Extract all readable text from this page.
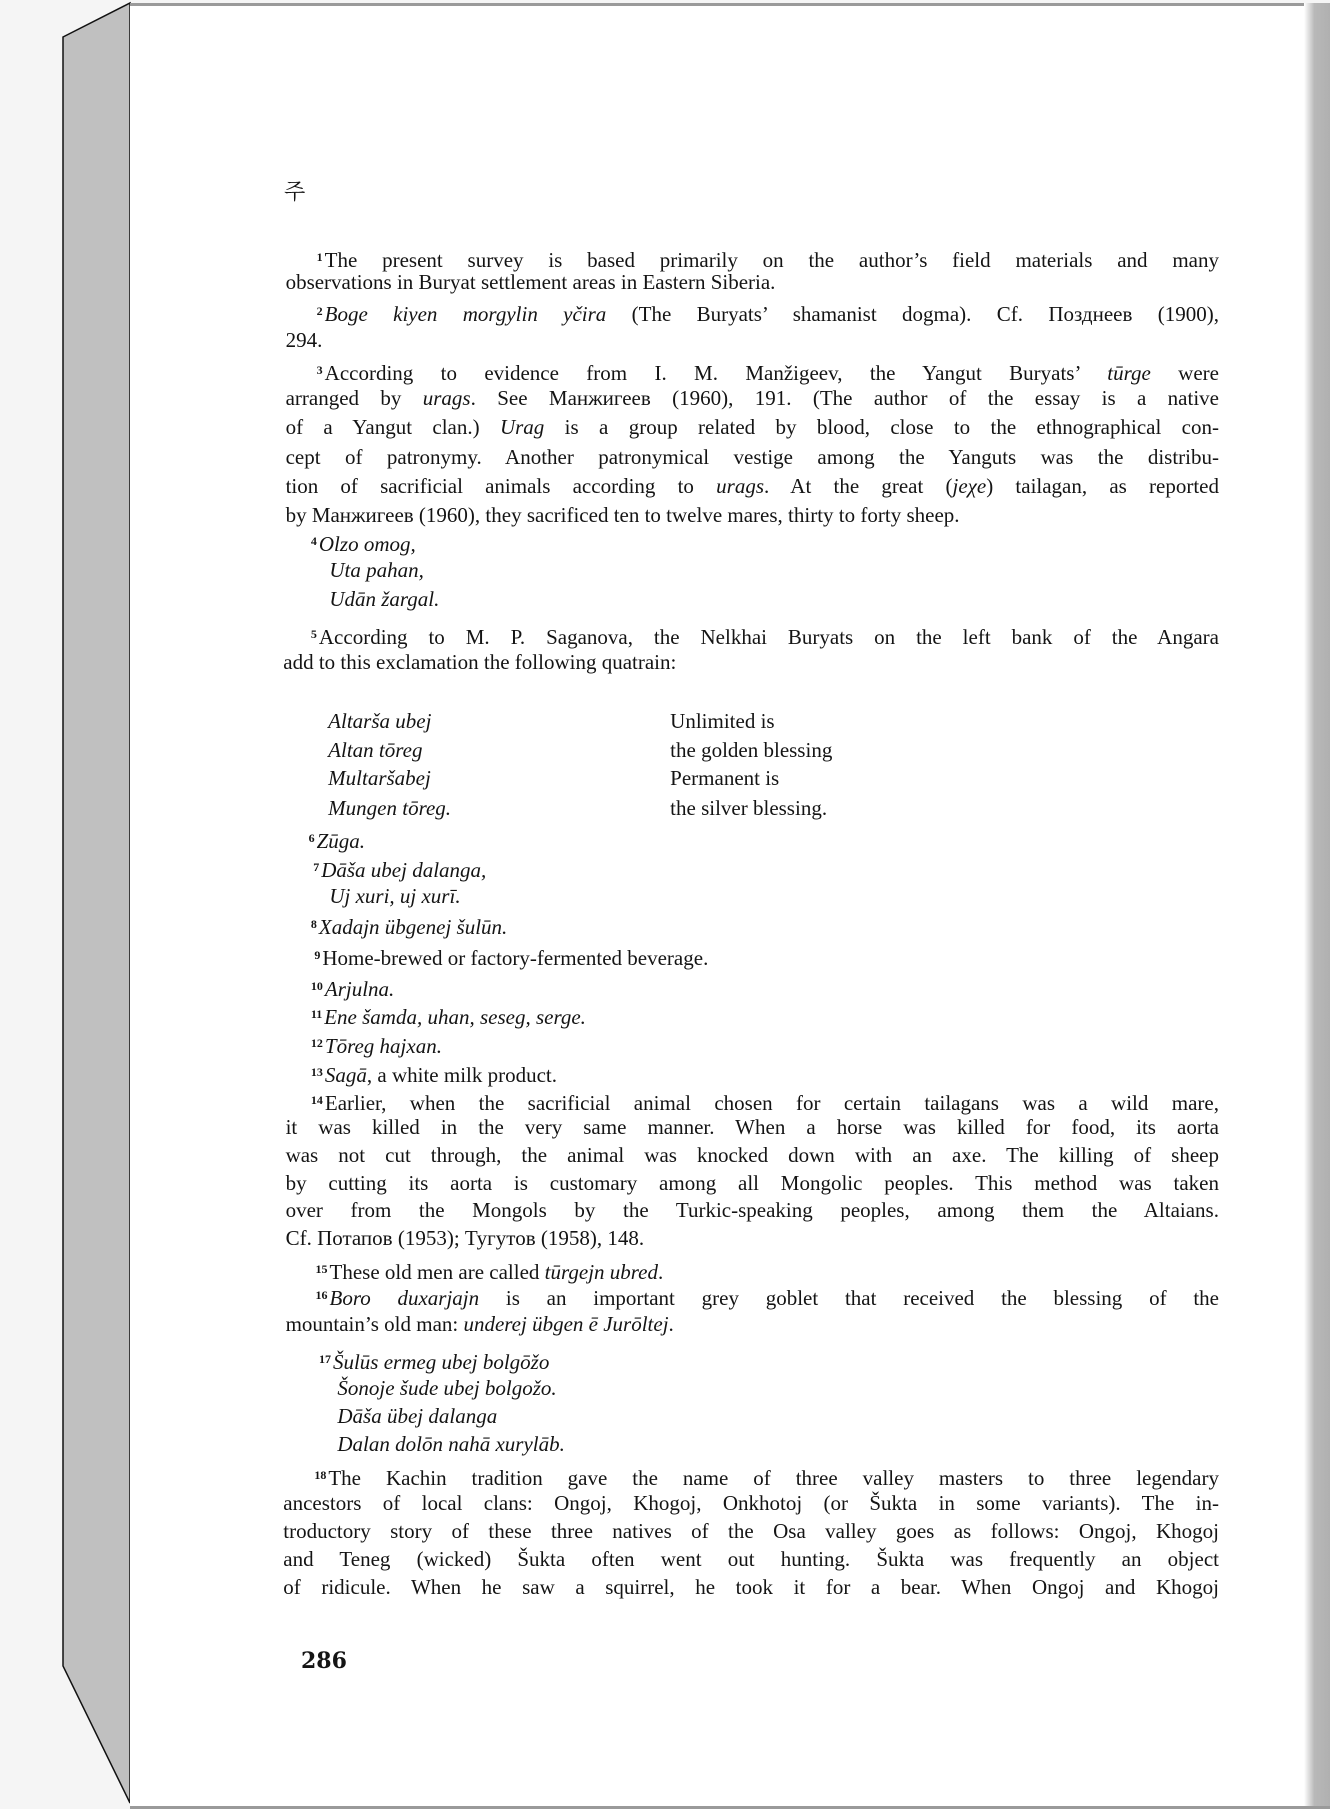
주
$^1$The present survey is based primarily on the author’s field materials and many
observations in Buryat settlement areas in Eastern Siberia.
$^2$Boge kiyen morgylin yčira (The Buryats’ shamanist dogma). Cf. Позднеев (1900),
294.
$^3$According to evidence from I. M. Manžigeev, the Yangut Buryats’ tūrge were
arranged by urags. See Манжигеев (1960), 191. (The author of the essay is a native
of a Yangut clan.) Urag is a group related by blood, close to the ethnographical con-
cept of patronymy. Another patronymical vestige among the Yanguts was the distribu-
tion of sacrificial animals according to urags. At the great (jeχe) tailagan, as reported
by Манжигеев (1960), they sacrificed ten to twelve mares, thirty to forty sheep.
$^4$Olzo omog,
Uta pahan,
Udān žargal.
$^5$According to M. P. Saganova, the Nelkhai Buryats on the left bank of the Angara
add to this exclamation the following quatrain:
$^6$Zūga.
$^7$Dāša ubej dalanga,
Uj xuri, uj xurī.
$^8$Xadajn übgenej šulūn.
$^9$Home-brewed or factory-fermented beverage.
$^{10}$Arjulna.
$^{11}$Ene šamda, uhan, seseg, serge.
$^{12}$Tōreg hajxan.
$^{13}$Sagā, a white milk product.
$^{14}$Earlier, when the sacrificial animal chosen for certain tailagans was a wild mare,
it was killed in the very same manner. When a horse was killed for food, its aorta
was not cut through, the animal was knocked down with an axe. The killing of sheep
by cutting its aorta is customary among all Mongolic peoples. This method was taken
over from the Mongols by the Turkic-speaking peoples, among them the Altaians.
Cf. Потапов (1953); Тугутов (1958), 148.
$^{15}$These old men are called tūrgejn ubred.
$^{16}$Boro duxarjajn is an important grey goblet that received the blessing of the
mountain’s old man: underej übgen ē Jurōltej.
$^{17}$Šulūs ermeg ubej bolgōžo
Šonoje šude ubej bolgožo.
Dāša übej dalanga
Dalan dolōn nahā xurylāb.
$^{18}$The Kachin tradition gave the name of three valley masters to three legendary
ancestors of local clans: Ongoj, Khogoj, Onkhotoj (or Šukta in some variants). The in-
troductory story of these three natives of the Osa valley goes as follows: Ongoj, Khogoj
and Teneg (wicked) Šukta often went out hunting. Šukta was frequently an object
of ridicule. When he saw a squirrel, he took it for a bear. When Ongoj and Khogoj
Altarša ubej	Unlimited is
Altan tōreg	the golden blessing
Multaršabej	Permanent is
Mungen tōreg.	the silver blessing.
286
